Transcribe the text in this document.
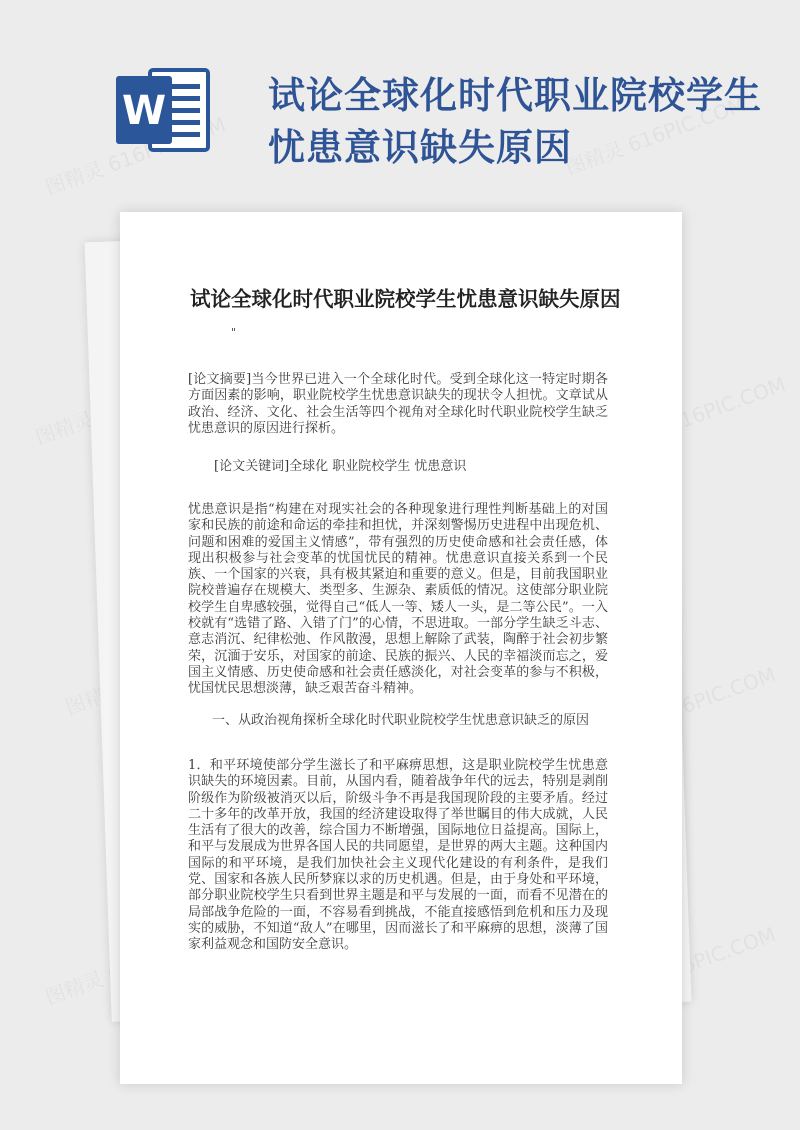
W	试论全球化时代职业院校学生忧患意识缺失原因
试论全球化时代职业院校学生忧患意识缺失原因
"
[论文摘要]当今世界已进入一个全球化时代。受到全球化这一特定时期各方面因素的影响，职业院校学生忧患意识缺失的现状令人担忧。文章试从政治、经济、文化、社会生活等四个视角对全球化时代职业院校学生缺乏忧患意识的原因进行探析。
[论文关键词]全球化 职业院校学生 忧患意识
忧患意识是指“构建在对现实社会的各种现象进行理性判断基础上的对国家和民族的前途和命运的牵挂和担忧，并深刻警惕历史进程中出现危机、问题和困难的爱国主义情感”，带有强烈的历史使命感和社会责任感，体现出积极参与社会变革的忧国忧民的精神。忧患意识直接关系到一个民族、一个国家的兴衰，具有极其紧迫和重要的意义。但是，目前我国职业院校普遍存在规模大、类型多、生源杂、素质低的情况。这使部分职业院校学生自卑感较强，觉得自己“低人一等、矮人一头，是二等公民”。一入校就有“选错了路、入错了门”的心情，不思进取。一部分学生缺乏斗志、意志消沉、纪律松弛、作风散漫，思想上解除了武装，陶醉于社会初步繁荣，沉湎于安乐，对国家的前途、民族的振兴、人民的幸福淡而忘之，爱国主义情感、历史使命感和社会责任感淡化，对社会变革的参与不积极，忧国忧民思想淡薄，缺乏艰苦奋斗精神。
一、从政治视角探析全球化时代职业院校学生忧患意识缺乏的原因
1．和平环境使部分学生滋长了和平麻痹思想，这是职业院校学生忧患意识缺失的环境因素。目前，从国内看，随着战争年代的远去，特别是剥削阶级作为阶级被消灭以后，阶级斗争不再是我国现阶段的主要矛盾。经过二十多年的改革开放，我国的经济建设取得了举世瞩目的伟大成就，人民生活有了很大的改善，综合国力不断增强，国际地位日益提高。国际上，和平与发展成为世界各国人民的共同愿望，是世界的两大主题。这种国内国际的和平环境，是我们加快社会主义现代化建设的有利条件，是我们党、国家和各族人民所梦寐以求的历史机遇。但是，由于身处和平环境，部分职业院校学生只看到世界主题是和平与发展的一面，而看不见潜在的局部战争危险的一面，不容易看到挑战，不能直接感悟到危机和压力及现实的威胁，不知道“敌人”在哪里，因而滋长了和平麻痹的思想，淡薄了国家利益观念和国防安全意识。
